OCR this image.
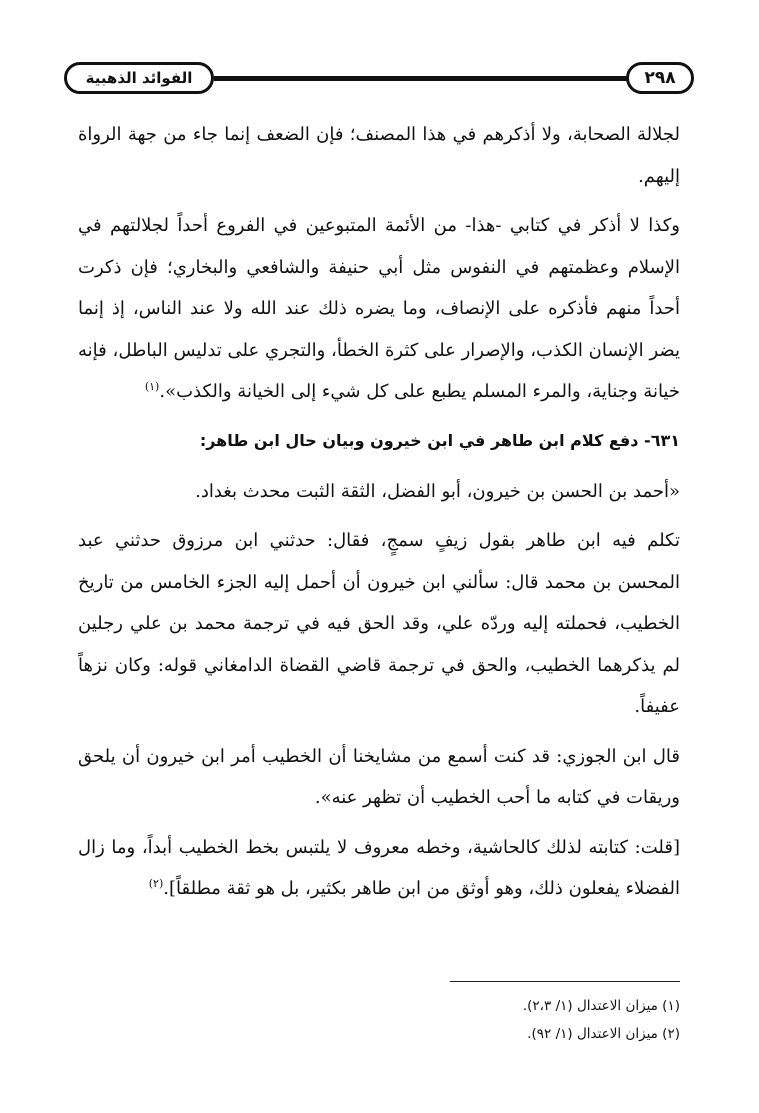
الفوائد الذهبية	٢٩٨

لجلالة الصحابة، ولا أذكرهم في هذا المصنف؛ فإن الضعف إنما جاء من جهة الرواة إليهم.

وكذا لا أذكر في كتابي -هذا- من الأئمة المتبوعين في الفروع أحداً لجلالتهم في الإسلام وعظمتهم في النفوس مثل أبي حنيفة والشافعي والبخاري؛ فإن ذكرت أحداً منهم فأذكره على الإنصاف، وما يضره ذلك عند الله ولا عند الناس، إذ إنما يضر الإنسان الكذب، والإصرار على كثرة الخطأ، والتجري على تدليس الباطل، فإنه خيانة وجناية، والمرء المسلم يطبع على كل شيء إلى الخيانة والكذب».$^{(١)}$

٦٣١- دفع كلام ابن طاهر في ابن خيرون وبيان حال ابن طاهر:

«أحمد بن الحسن بن خيرون، أبو الفضل، الثقة الثبت محدث بغداد.

تكلم فيه ابن طاهر بقول زيفٍ سمجٍ، فقال: حدثني ابن مرزوق حدثني عبد المحسن بن محمد قال: سألني ابن خيرون أن أحمل إليه الجزء الخامس من تاريخ الخطيب، فحملته إليه وردّه علي، وقد الحق فيه في ترجمة محمد بن علي رجلين لم يذكرهما الخطيب، والحق في ترجمة قاضي القضاة الدامغاني قوله: وكان نزهاً عفيفاً.

قال ابن الجوزي: قد كنت أسمع من مشايخنا أن الخطيب أمر ابن خيرون أن يلحق وريقات في كتابه ما أحب الخطيب أن تظهر عنه».

[قلت: كتابته لذلك كالحاشية، وخطه معروف لا يلتبس بخط الخطيب أبداً، وما زال الفضلاء يفعلون ذلك، وهو أوثق من ابن طاهر بكثير، بل هو ثقة مطلقاً].$^{(٢)}$

(١) ميزان الاعتدال (١/ ٢،٣).

(٢) ميزان الاعتدال (١/ ٩٢).
